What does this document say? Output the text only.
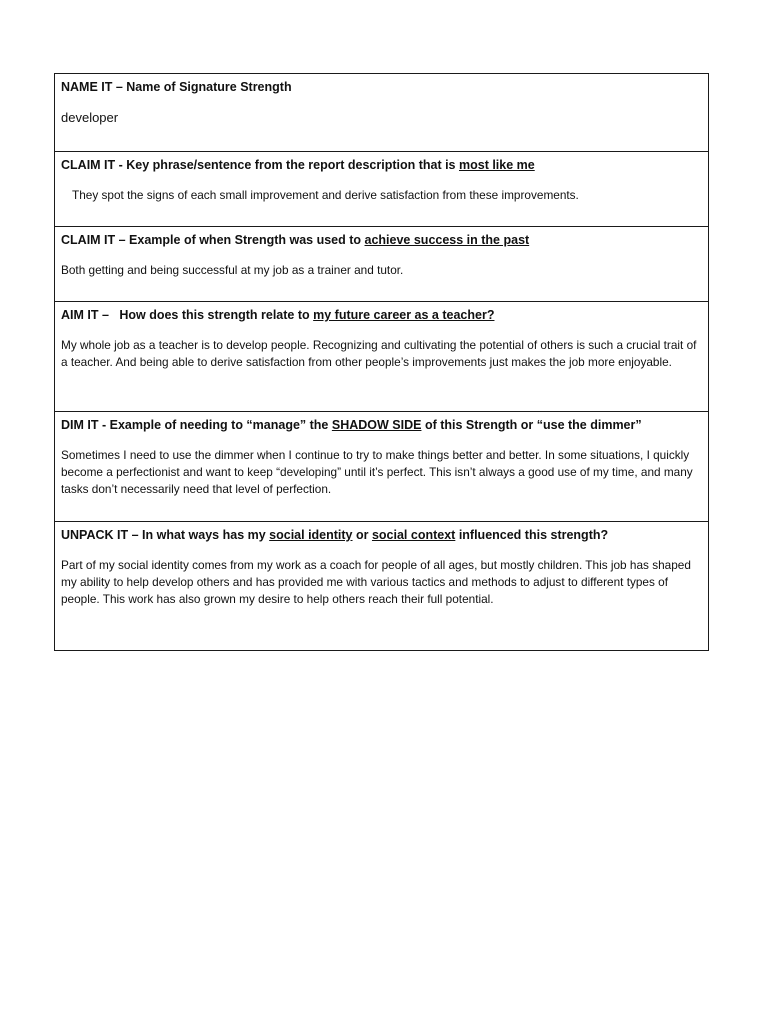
NAME IT – Name of Signature Strength

developer

CLAIM IT - Key phrase/sentence from the report description that is most like me

They spot the signs of each small improvement and derive satisfaction from these improvements.

CLAIM IT – Example of when Strength was used to achieve success in the past

Both getting and being successful at my job as a trainer and tutor.

AIM IT –   How does this strength relate to my future career as a teacher?

My whole job as a teacher is to develop people. Recognizing and cultivating the potential of others is such a crucial trait of a teacher. And being able to derive satisfaction from other people’s improvements just makes the job more enjoyable.

DIM IT - Example of needing to “manage” the SHADOW SIDE of this Strength or “use the dimmer”

Sometimes I need to use the dimmer when I continue to try to make things better and better. In some situations, I quickly become a perfectionist and want to keep “developing” until it’s perfect. This isn’t always a good use of my time, and many tasks don’t necessarily need that level of perfection.

UNPACK IT – In what ways has my social identity or social context influenced this strength?

Part of my social identity comes from my work as a coach for people of all ages, but mostly children. This job has shaped my ability to help develop others and has provided me with various tactics and methods to adjust to different types of people. This work has also grown my desire to help others reach their full potential.
